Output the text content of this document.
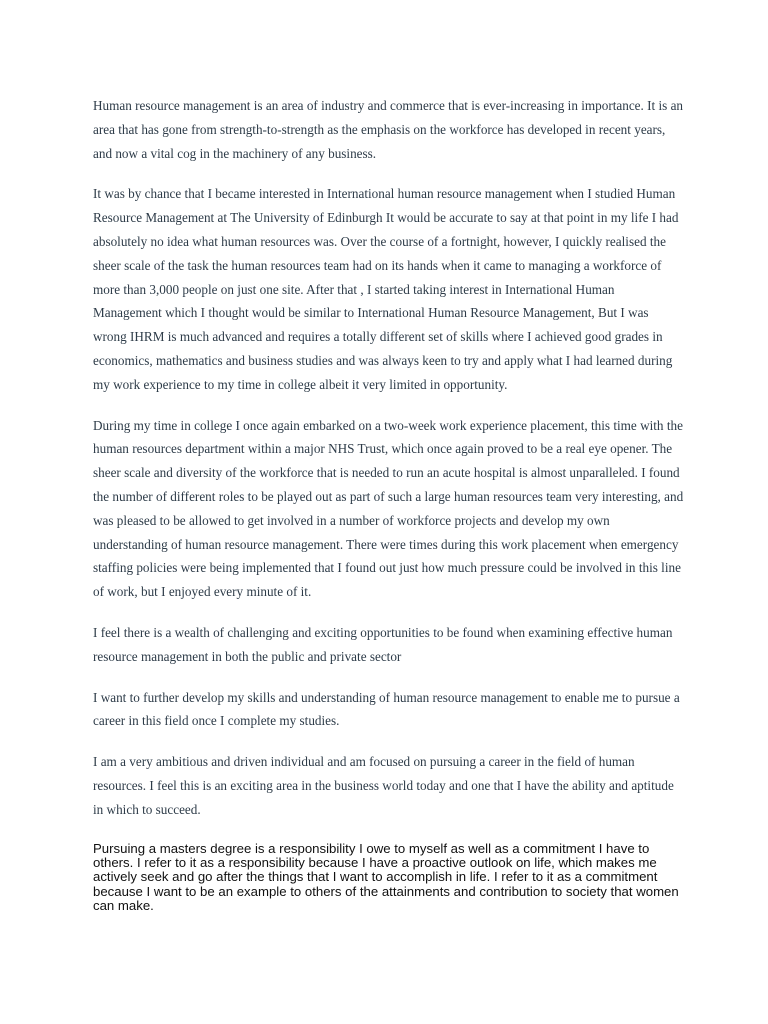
Human resource management is an area of industry and commerce that is ever-increasing in importance. It is an area that has gone from strength-to-strength as the emphasis on the workforce has developed in recent years, and now a vital cog in the machinery of any business.

It was by chance that I became interested in International human resource management when I studied Human Resource Management at The University of Edinburgh It would be accurate to say at that point in my life I had absolutely no idea what human resources was. Over the course of a fortnight, however, I quickly realised the sheer scale of the task the human resources team had on its hands when it came to managing a workforce of more than 3,000 people on just one site. After that , I started taking interest in International Human Management which I thought would be similar to International Human Resource Management, But I was wrong IHRM is much advanced and requires a totally different set of skills where I achieved good grades in economics, mathematics and business studies and was always keen to try and apply what I had learned during my work experience to my time in college albeit it very limited in opportunity.

During my time in college I once again embarked on a two-week work experience placement, this time with the human resources department within a major NHS Trust, which once again proved to be a real eye opener. The sheer scale and diversity of the workforce that is needed to run an acute hospital is almost unparalleled. I found the number of different roles to be played out as part of such a large human resources team very interesting, and was pleased to be allowed to get involved in a number of workforce projects and develop my own understanding of human resource management. There were times during this work placement when emergency staffing policies were being implemented that I found out just how much pressure could be involved in this line of work, but I enjoyed every minute of it.

I feel there is a wealth of challenging and exciting opportunities to be found when examining effective human resource management in both the public and private sector

I want to further develop my skills and understanding of human resource management to enable me to pursue a career in this field once I complete my studies.

I am a very ambitious and driven individual and am focused on pursuing a career in the field of human resources. I feel this is an exciting area in the business world today and one that I have the ability and aptitude in which to succeed.

Pursuing a masters degree is a responsibility I owe to myself as well as a commitment I have to others. I refer to it as a responsibility because I have a proactive outlook on life, which makes me actively seek and go after the things that I want to accomplish in life. I refer to it as a commitment because I want to be an example to others of the attainments and contribution to society that women can make.
